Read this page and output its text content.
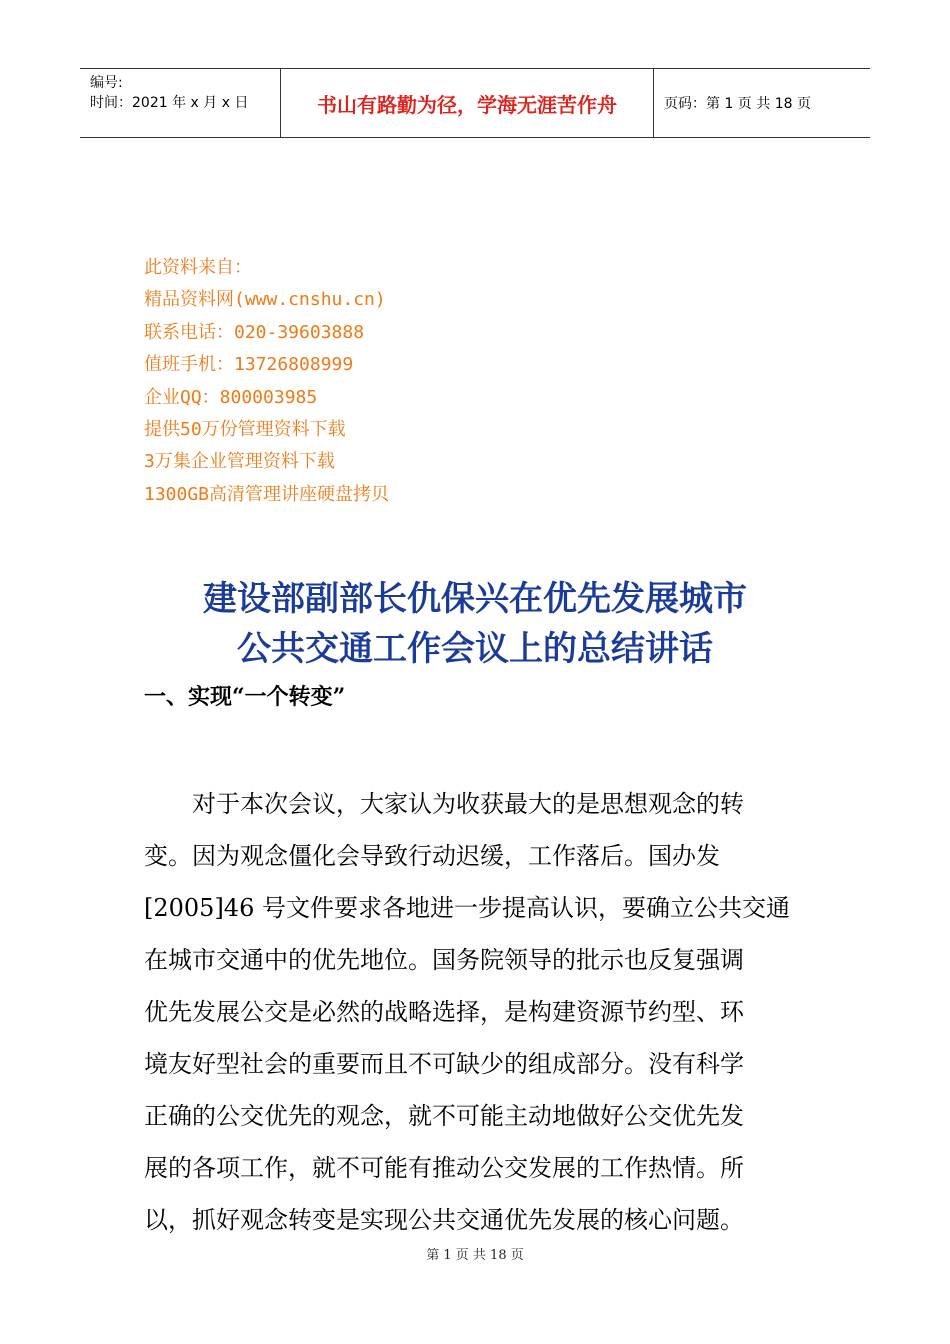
编号:
时间：2021 年 x 月 x 日	书山有路勤为径，学海无涯苦作舟	页码：第 1 页 共 18 页
此资料来自：
精品资料网(www.cnshu.cn)
联系电话：020-39603888
值班手机：13726808999
企业QQ：800003985
提供50万份管理资料下载
3万集企业管理资料下载
1300GB高清管理讲座硬盘拷贝
建设部副部长仇保兴在优先发展城市
公共交通工作会议上的总结讲话
一、实现“一个转变”
　　对于本次会议，大家认为收获最大的是思想观念的转
变。因为观念僵化会导致行动迟缓，工作落后。国办发
[2005]46 号文件要求各地进一步提高认识，要确立公共交通
在城市交通中的优先地位。国务院领导的批示也反复强调
优先发展公交是必然的战略选择，是构建资源节约型、环
境友好型社会的重要而且不可缺少的组成部分。没有科学
正确的公交优先的观念，就不可能主动地做好公交优先发
展的各项工作，就不可能有推动公交发展的工作热情。所
以，抓好观念转变是实现公共交通优先发展的核心问题。
第 1 页 共 18 页
